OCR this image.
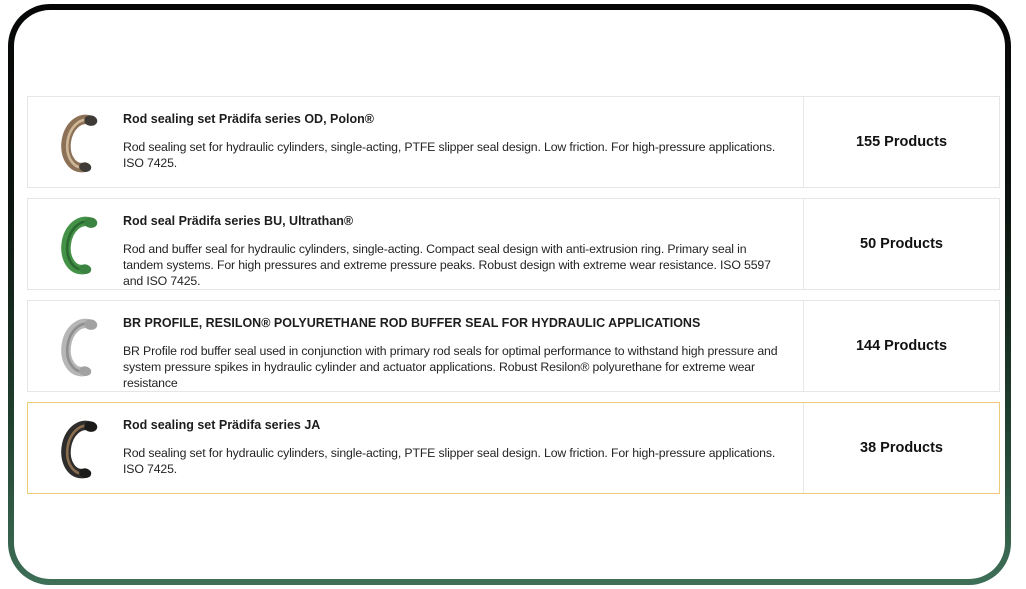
Rod sealing set Prädifa series OD, Polon®
Rod sealing set for hydraulic cylinders, single-acting, PTFE slipper seal design. Low friction. For high-pressure applications. ISO 7425.
155 Products
Rod seal Prädifa series BU, Ultrathan®
Rod and buffer seal for hydraulic cylinders, single-acting. Compact seal design with anti-extrusion ring. Primary seal in tandem systems. For high pressures and extreme pressure peaks. Robust design with extreme wear resistance. ISO 5597 and ISO 7425.
50 Products
BR PROFILE, RESILON® POLYURETHANE ROD BUFFER SEAL FOR HYDRAULIC APPLICATIONS
BR Profile rod buffer seal used in conjunction with primary rod seals for optimal performance to withstand high pressure and system pressure spikes in hydraulic cylinder and actuator applications. Robust Resilon® polyurethane for extreme wear resistance
144 Products
Rod sealing set Prädifa series JA
Rod sealing set for hydraulic cylinders, single-acting, PTFE slipper seal design. Low friction. For high-pressure applications. ISO 7425.
38 Products
